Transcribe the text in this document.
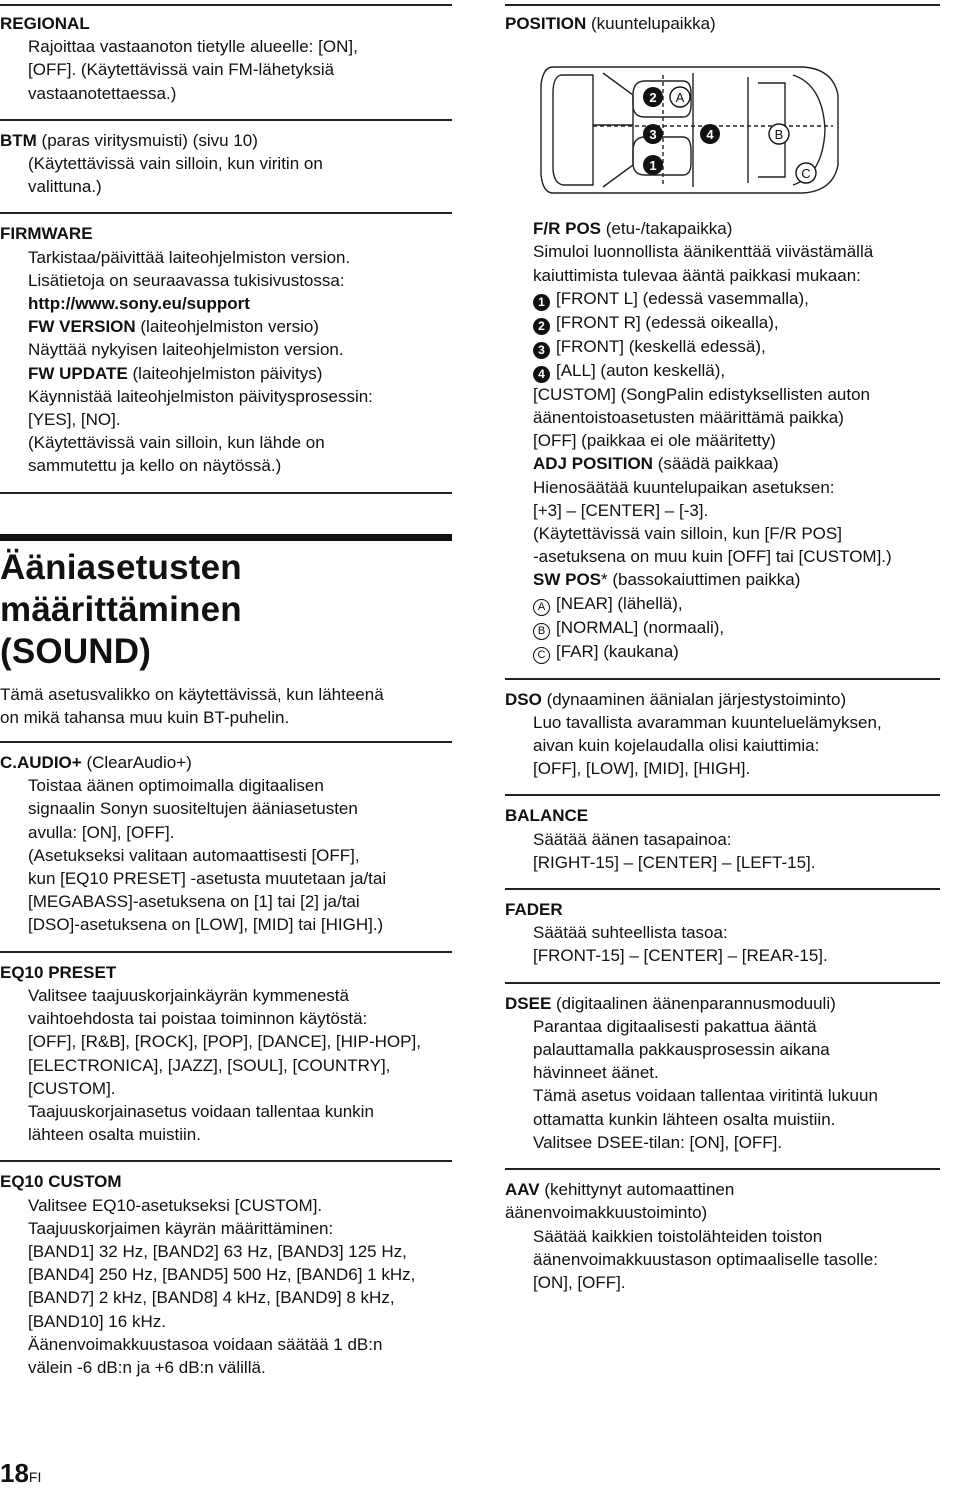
REGIONAL

Rajoittaa vastaanoton tietylle alueelle: [ON],

[OFF]. (Käytettävissä vain FM-lähetyksiä

vastaanotettaessa.)

BTM (paras viritysmuisti) (sivu 10)

(Käytettävissä vain silloin, kun viritin on

valittuna.)

FIRMWARE

Tarkistaa/päivittää laiteohjelmiston version.

Lisätietoja on seuraavassa tukisivustossa:

http://www.sony.eu/support

FW VERSION (laiteohjelmiston versio)

Näyttää nykyisen laiteohjelmiston version.

FW UPDATE (laiteohjelmiston päivitys)

Käynnistää laiteohjelmiston päivitysprosessin:

[YES], [NO].

(Käytettävissä vain silloin, kun lähde on

sammutettu ja kello on näytössä.)

Ääniasetusten määrittäminen
(SOUND)

Tämä asetusvalikko on käytettävissä, kun lähteenä

on mikä tahansa muu kuin BT-puhelin.

C.AUDIO+ (ClearAudio+)

Toistaa äänen optimoimalla digitaalisen

signaalin Sonyn suositeltujen ääniasetusten

avulla: [ON], [OFF].

(Asetukseksi valitaan automaattisesti [OFF],

kun [EQ10 PRESET] -asetusta muutetaan ja/tai

[MEGABASS]-asetuksena on [1] tai [2] ja/tai

[DSO]-asetuksena on [LOW], [MID] tai [HIGH].)

EQ10 PRESET

Valitsee taajuuskorjainkäyrän kymmenestä

vaihtoehdosta tai poistaa toiminnon käytöstä:

[OFF], [R&B], [ROCK], [POP], [DANCE], [HIP-HOP],

[ELECTRONICA], [JAZZ], [SOUL], [COUNTRY],

[CUSTOM].

Taajuuskorjainasetus voidaan tallentaa kunkin

lähteen osalta muistiin.

EQ10 CUSTOM

Valitsee EQ10-asetukseksi [CUSTOM].

Taajuuskorjaimen käyrän määrittäminen:

[BAND1] 32 Hz, [BAND2] 63 Hz, [BAND3] 125 Hz,

[BAND4] 250 Hz, [BAND5] 500 Hz, [BAND6] 1 kHz,

[BAND7] 2 kHz, [BAND8] 4 kHz, [BAND9] 8 kHz,

[BAND10] 16 kHz.

Äänenvoimakkuustasoa voidaan säätää 1 dB:n

välein -6 dB:n ja +6 dB:n välillä.

POSITION (kuuntelupaikka)

2 A
3	4	B
1
C

F/R POS (etu-/takapaikka)

Simuloi luonnollista äänikenttää viivästämällä

kaiuttimista tulevaa ääntä paikkasi mukaan:

1 [FRONT L] (edessä vasemmalla),

2 [FRONT R] (edessä oikealla),

3 [FRONT] (keskellä edessä),

4 [ALL] (auton keskellä),

[CUSTOM] (SongPalin edistyksellisten auton

äänentoistoasetusten määrittämä paikka)

[OFF] (paikkaa ei ole määritetty)

ADJ POSITION (säädä paikkaa)

Hienosäätää kuuntelupaikan asetuksen:

[+3] – [CENTER] – [-3].

(Käytettävissä vain silloin, kun [F/R POS]

-asetuksena on muu kuin [OFF] tai [CUSTOM].)

SW POS* (bassokaiuttimen paikka)

A [NEAR] (lähellä),

B [NORMAL] (normaali),

C [FAR] (kaukana)

DSO (dynaaminen äänialan järjestystoiminto)

Luo tavallista avaramman kuunteluelämyksen,

aivan kuin kojelaudalla olisi kaiuttimia:

[OFF], [LOW], [MID], [HIGH].

BALANCE

Säätää äänen tasapainoa:

[RIGHT-15] – [CENTER] – [LEFT-15].

FADER

Säätää suhteellista tasoa:

[FRONT-15] – [CENTER] – [REAR-15].

DSEE (digitaalinen äänenparannusmoduuli)

Parantaa digitaalisesti pakattua ääntä

palauttamalla pakkausprosessin aikana

hävinneet äänet.

Tämä asetus voidaan tallentaa viritintä lukuun

ottamatta kunkin lähteen osalta muistiin.

Valitsee DSEE-tilan: [ON], [OFF].

AAV (kehittynyt automaattinen

äänenvoimakkuustoiminto)

Säätää kaikkien toistolähteiden toiston

äänenvoimakkuustason optimaaliselle tasolle:

[ON], [OFF].

18FI
